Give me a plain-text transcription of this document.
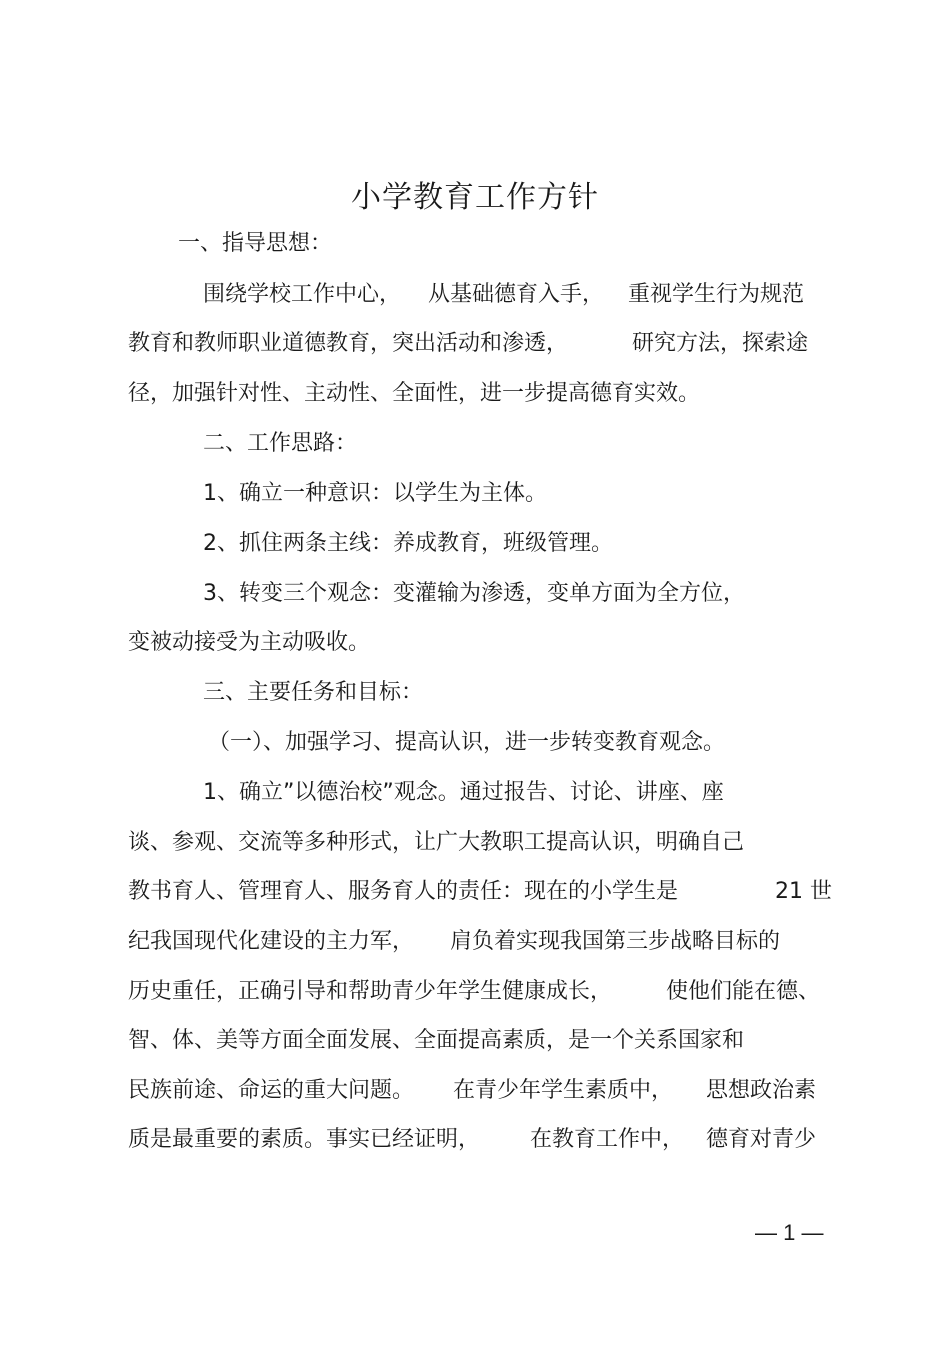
小学教育工作方针
一、指导思想：
围绕学校工作中心， 从基础德育入手， 重视学生行为规范
教育和教师职业道德教育，突出活动和渗透，	研究方法，探索途
径，加强针对性、主动性、全面性，进一步提高德育实效。
二、工作思路：
1、确立一种意识：以学生为主体。
2、抓住两条主线：养成教育，班级管理。
3、转变三个观念：变灌输为渗透，变单方面为全方位，
变被动接受为主动吸收。
三、主要任务和目标：
（一）、加强学习、提高认识，进一步转变教育观念。
1、确立”以德治校”观念。通过报告、讨论、讲座、座
谈、参观、交流等多种形式，让广大教职工提高认识，明确自己
教书育人、管理育人、服务育人的责任：现在的小学生是	21 世
纪我国现代化建设的主力军， 肩负着实现我国第三步战略目标的
历史重任，正确引导和帮助青少年学生健康成长， 使他们能在德、
智、体、美等方面全面发展、全面提高素质，是一个关系国家和
民族前途、命运的重大问题。 在青少年学生素质中， 思想政治素
质是最重要的素质。事实已经证明， 在教育工作中， 德育对青少
— 1 —
